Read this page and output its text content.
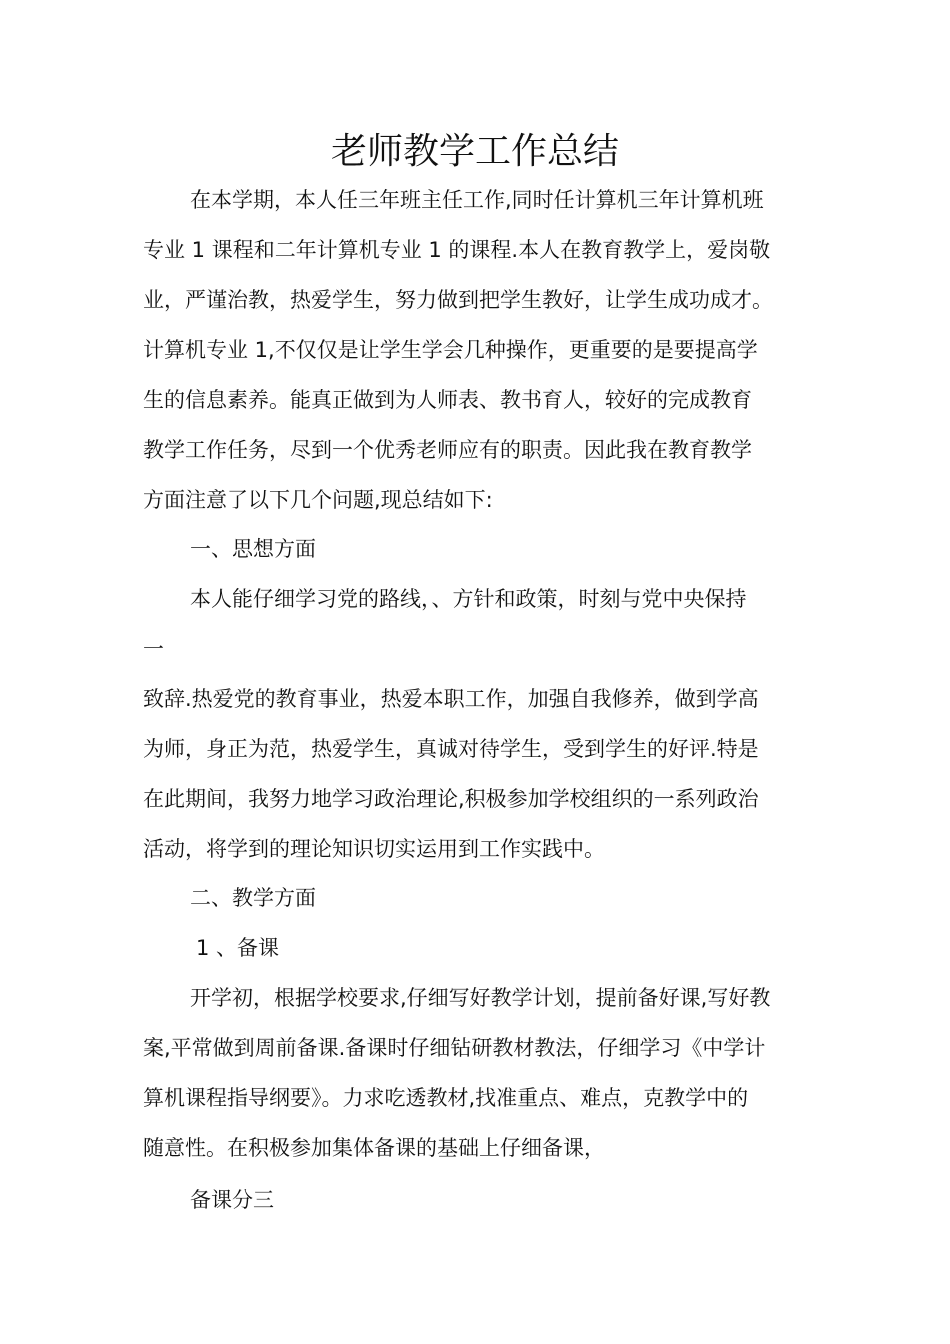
老师教学工作总结
在本学期，本人任三年班主任工作,同时任计算机三年计算机班
专业 1 课程和二年计算机专业 1 的课程.本人在教育教学上，爱岗敬
业，严谨治教，热爱学生，努力做到把学生教好，让学生成功成才。
计算机专业 1,不仅仅是让学生学会几种操作，更重要的是要提高学
生的信息素养。能真正做到为人师表、教书育人，较好的完成教育
教学工作任务，尽到一个优秀老师应有的职责。因此我在教育教学
方面注意了以下几个问题,现总结如下:
一、思想方面
本人能仔细学习党的路线，、方针和政策，时刻与党中央保持
一
致辞.热爱党的教育事业，热爱本职工作，加强自我修养，做到学高
为师，身正为范，热爱学生，真诚对待学生，受到学生的好评.特是
在此期间，我努力地学习政治理论,积极参加学校组织的一系列政治
活动，将学到的理论知识切实运用到工作实践中。
二、教学方面
1 、备课
开学初，根据学校要求,仔细写好教学计划，提前备好课,写好教
案,平常做到周前备课.备课时仔细钻研教材教法，仔细学习《中学计
算机课程指导纲要》。力求吃透教材,找准重点、难点，克教学中的
随意性。在积极参加集体备课的基础上仔细备课，
备课分三
